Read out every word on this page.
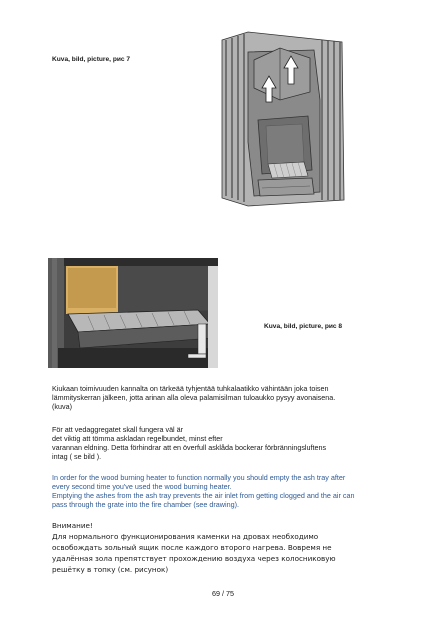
Kuva, bild, picture, рис 7
Kuva, bild, picture, рис 8
Kiukaan toimivuuden kannalta on tärkeää tyhjentää tuhkalaatikko vähintään joka toisen
lämmityskerran jälkeen, jotta arinan alla oleva palamisilman tuloaukko pysyy avonaisena.
(kuva)
För att vedaggregatet skall fungera väl är
det viktig att tömma askladan regelbundet, minst efter
varannan eldning. Detta förhindrar att en överfull asklåda bockerar förbränningsluftens
intag ( se bild ).
In order for the wood burning heater to function normally you should empty the ash tray after
every second time you've used the wood burning heater.
Emptying the ashes from the ash tray prevents the air inlet from getting clogged and the air can
pass through the grate into the fire chamber (see drawing).
Внимание!
Для нормального функционирования каменки на дровах необходимо
освобождать зольный ящик после каждого второго нагрева. Вовремя не
удалённая зола препятствует прохождению воздуха через колосниковую
решётку в топку (см. рисунок)
69 / 75
